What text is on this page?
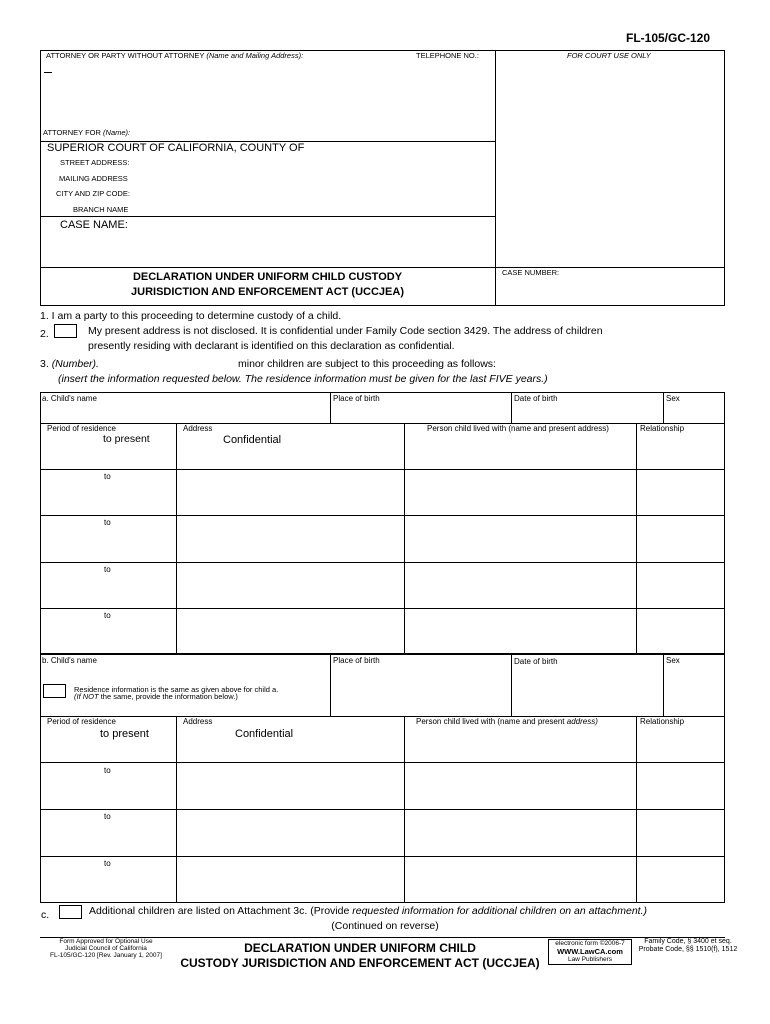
FL-105/GC-120
ATTORNEY OR PARTY WITHOUT ATTORNEY (Name and Mailing Address):	TELEPHONE NO.:	FOR COURT USE ONLY
ATTORNEY FOR (Name):
SUPERIOR COURT OF CALIFORNIA, COUNTY OF
STREET ADDRESS:
MAILING ADDRESS
CITY AND ZIP CODE:
BRANCH NAME
CASE NAME:
DECLARATION UNDER UNIFORM CHILD CUSTODY
JURISDICTION AND ENFORCEMENT ACT (UCCJEA)
CASE NUMBER:
1. I am a party to this proceeding to determine custody of a child.
2.	My present address is not disclosed. It is confidential under Family Code section 3429. The address of children
presently residing with declarant is identified on this declaration as confidential.
3. (Number).	minor children are subject to this proceeding as follows:
(insert the information requested below. The residence information must be given for the last FIVE years.)
a. Child's name	Place of birth	Date of birth	Sex
Period of residence	Address	Person child lived with (name and present address)	Relationship
to present	Confidential
to
to
to
to
b. Child's name	Place of birth	Date of birth	Sex
Residence information is the same as given above for child a.
(If NOT the same, provide the information below.)
Period of residence	Address	Person child lived with (name and present address)	Relationship
to present	Confidential
to
to
to
c.	Additional children are listed on Attachment 3c. (Provide requested information for additional children on an attachment.)
(Continued on reverse)
Form Approved for Optional Use
Judicial Council of California
FL-105/GC-120 [Rev. January 1, 2007]
DECLARATION UNDER UNIFORM CHILD
CUSTODY JURISDICTION AND ENFORCEMENT ACT (UCCJEA)
electronic form ©2006-7
WWW.LawCA.com
Law Publishers
Family Code, § 3400 et seq.
Probate Code, §§ 1510(f), 1512
